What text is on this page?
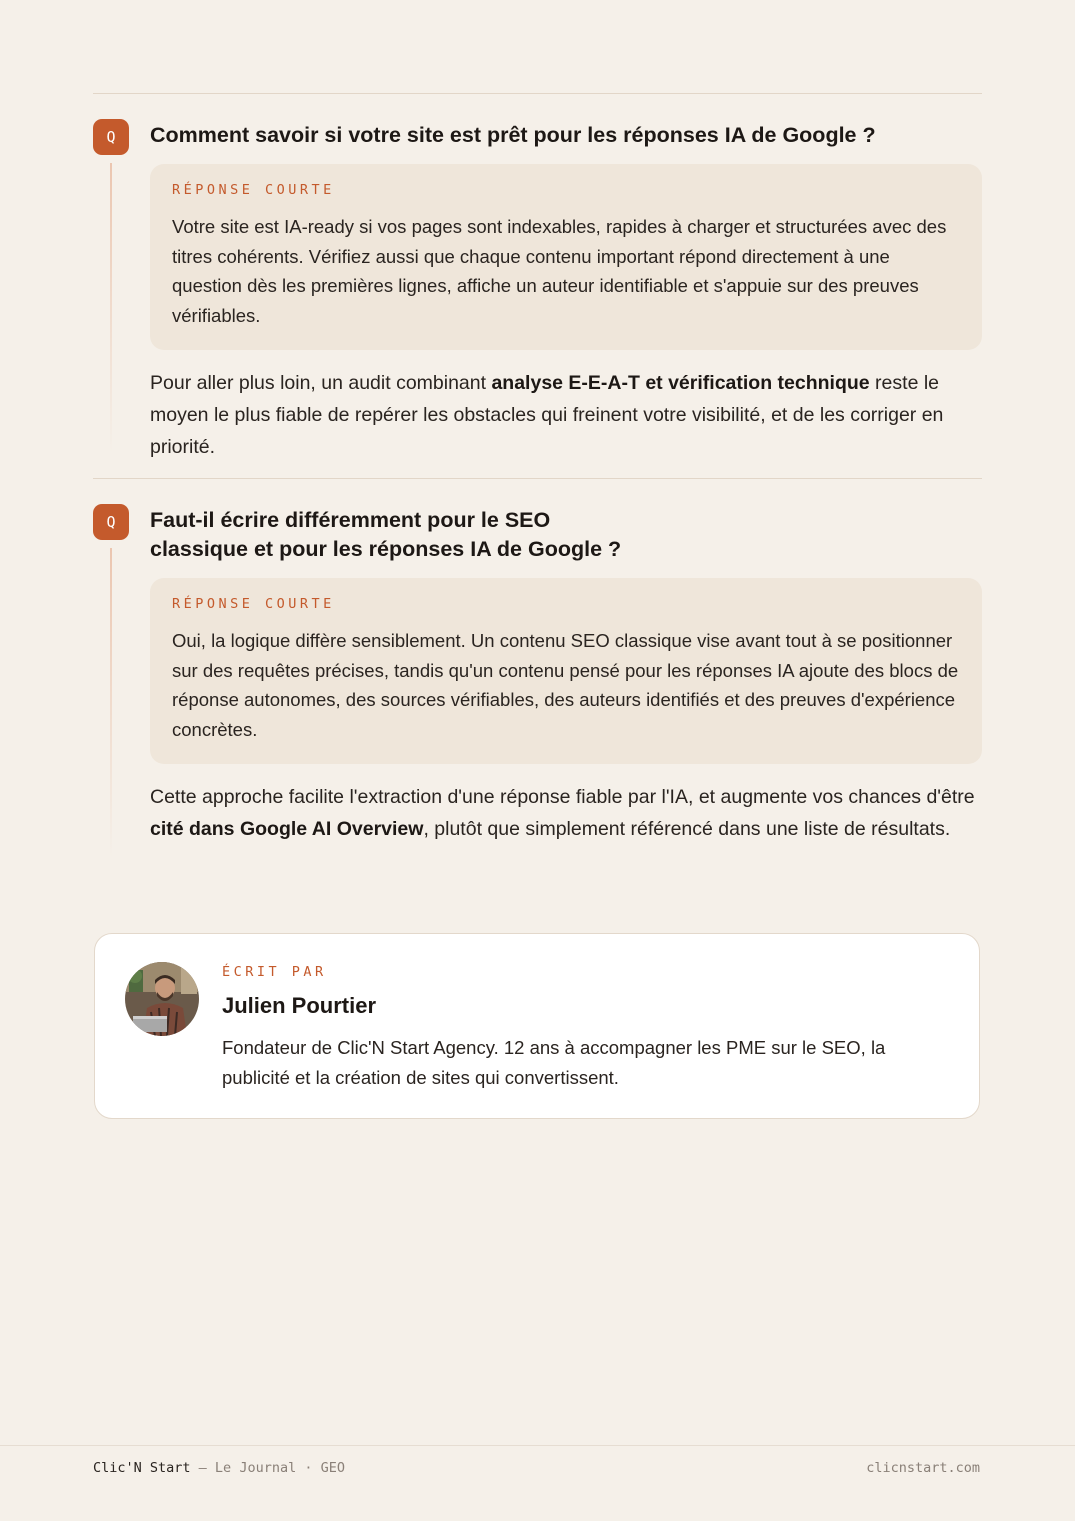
Q	Comment savoir si votre site est prêt pour les réponses IA de Google ?
RÉPONSE COURTE
Votre site est IA-ready si vos pages sont indexables, rapides à charger et structurées avec des titres cohérents. Vérifiez aussi que chaque contenu important répond directement à une question dès les premières lignes, affiche un auteur identifiable et s'appuie sur des preuves vérifiables.

Pour aller plus loin, un audit combinant analyse E-E-A-T et vérification technique reste le moyen le plus fiable de repérer les obstacles qui freinent votre visibilité, et de les corriger en priorité.

Q	Faut-il écrire différemment pour le SEO
classique et pour les réponses IA de Google ?
RÉPONSE COURTE
Oui, la logique diffère sensiblement. Un contenu SEO classique vise avant tout à se positionner sur des requêtes précises, tandis qu'un contenu pensé pour les réponses IA ajoute des blocs de réponse autonomes, des sources vérifiables, des auteurs identifiés et des preuves d'expérience concrètes.

Cette approche facilite l'extraction d'une réponse fiable par l'IA, et augmente vos chances d'être cité dans Google AI Overview, plutôt que simplement référencé dans une liste de résultats.

ÉCRIT PAR
Julien Pourtier
Fondateur de Clic'N Start Agency. 12 ans à accompagner les PME sur le SEO, la publicité et la création de sites qui convertissent.
Clic'N Start — Le Journal · GEO	clicnstart.com
